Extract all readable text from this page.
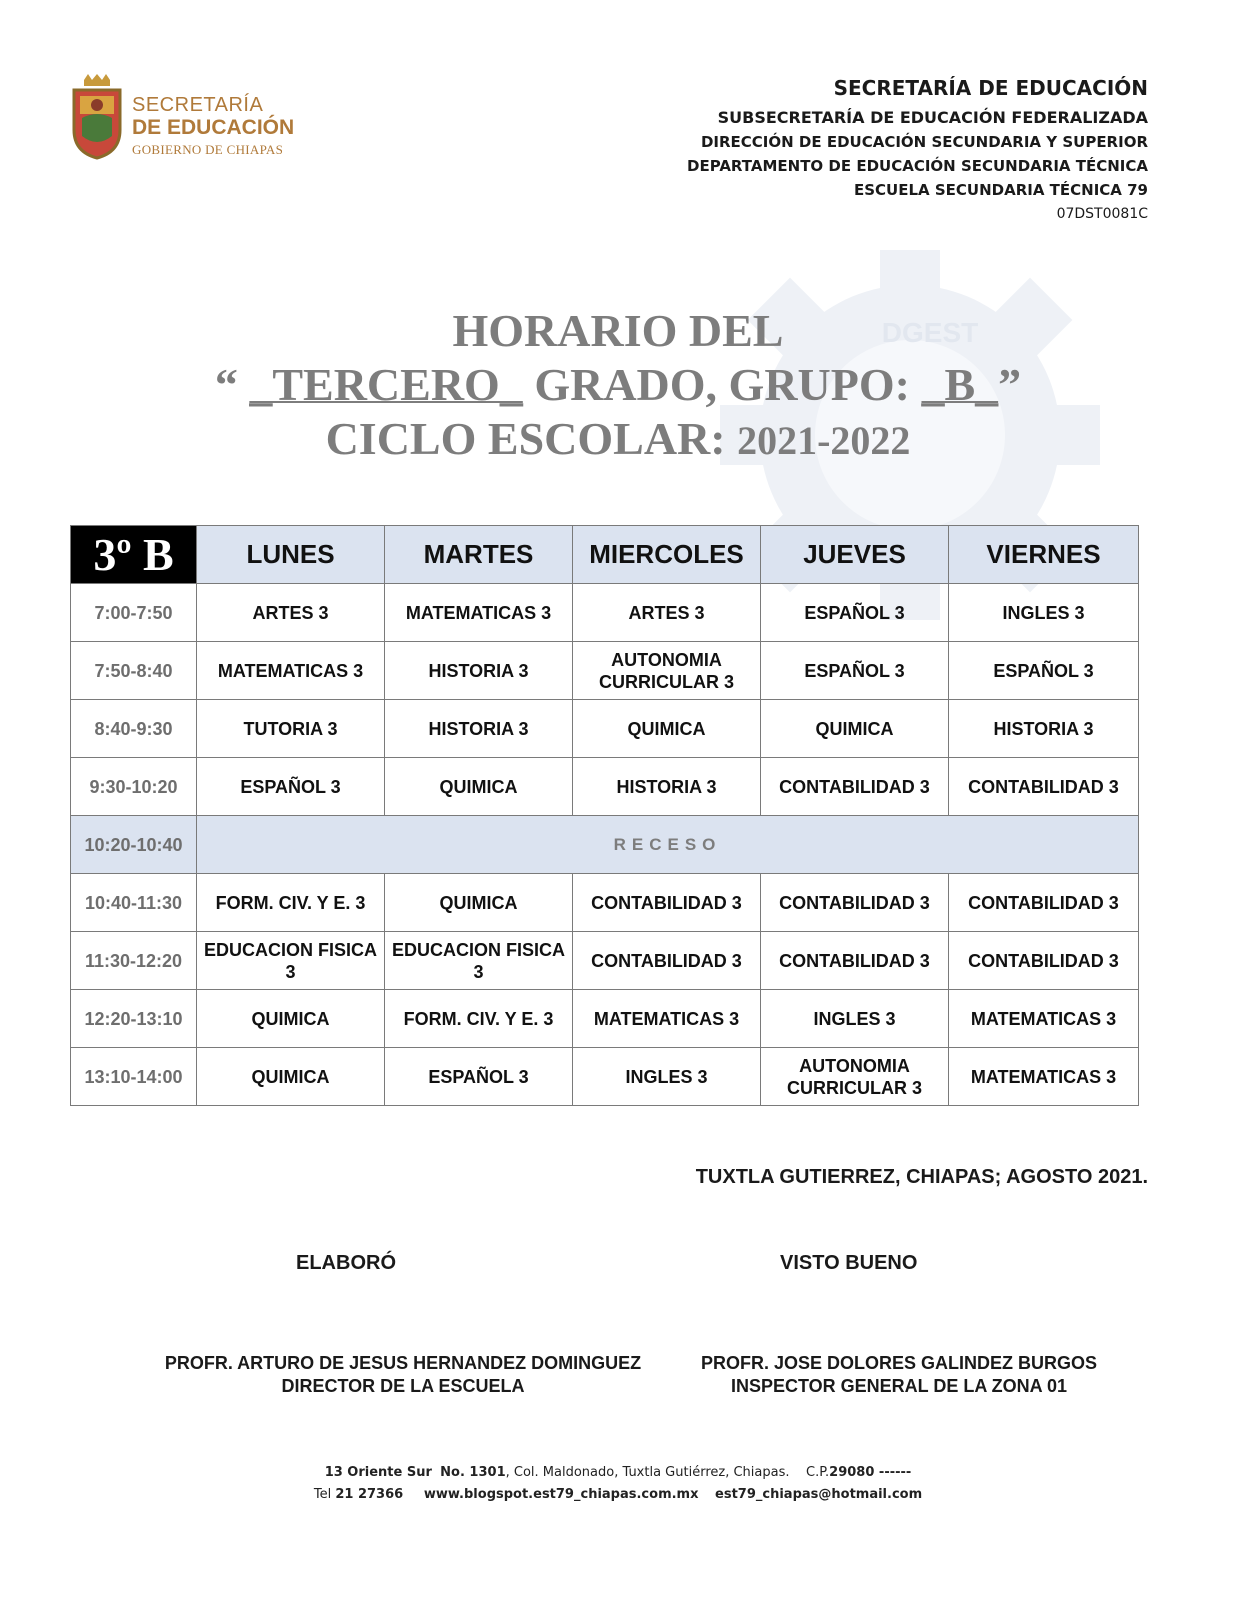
SECRETARÍA
DE EDUCACIÓN
GOBIERNO DE CHIAPAS
SECRETARÍA DE EDUCACIÓN
SUBSECRETARÍA DE EDUCACIÓN FEDERALIZADA
DIRECCIÓN DE EDUCACIÓN SECUNDARIA Y SUPERIOR
DEPARTAMENTO DE EDUCACIÓN SECUNDARIA TÉCNICA
ESCUELA SECUNDARIA TÉCNICA 79
07DST0081C
DGEST
HORARIO DEL
“ _TERCERO_ GRADO, GRUPO: _B_”
CICLO ESCOLAR: 2021-2022
3º B	LUNES	MARTES	MIERCOLES	JUEVES	VIERNES
7:00-7:50	ARTES 3	MATEMATICAS 3	ARTES 3	ESPAÑOL 3	INGLES 3
7:50-8:40	MATEMATICAS 3	HISTORIA 3	AUTONOMIA CURRICULAR 3	ESPAÑOL 3	ESPAÑOL 3
8:40-9:30	TUTORIA 3	HISTORIA 3	QUIMICA	QUIMICA	HISTORIA 3
9:30-10:20	ESPAÑOL 3	QUIMICA	HISTORIA 3	CONTABILIDAD 3	CONTABILIDAD 3
10:20-10:40	RECESO				
10:40-11:30	FORM. CIV. Y E. 3	QUIMICA	CONTABILIDAD 3	CONTABILIDAD 3	CONTABILIDAD 3
11:30-12:20	EDUCACION FISICA 3	EDUCACION FISICA 3	CONTABILIDAD 3	CONTABILIDAD 3	CONTABILIDAD 3
12:20-13:10	QUIMICA	FORM. CIV. Y E. 3	MATEMATICAS 3	INGLES 3	MATEMATICAS 3
13:10-14:00	QUIMICA	ESPAÑOL 3	INGLES 3	AUTONOMIA CURRICULAR 3	MATEMATICAS 3
TUXTLA GUTIERREZ, CHIAPAS; AGOSTO 2021.
ELABORÓ	VISTO BUENO
PROFR. ARTURO DE JESUS HERNANDEZ DOMINGUEZ
DIRECTOR DE LA ESCUELA
PROFR. JOSE DOLORES GALINDEZ BURGOS
INSPECTOR GENERAL DE LA ZONA 01
13 Oriente Sur No. 1301, Col. Maldonado, Tuxtla Gutiérrez, Chiapas. C.P.29080 ------
Tel 21 27366 www.blogspot.est79_chiapas.com.mx est79_chiapas@hotmail.com
